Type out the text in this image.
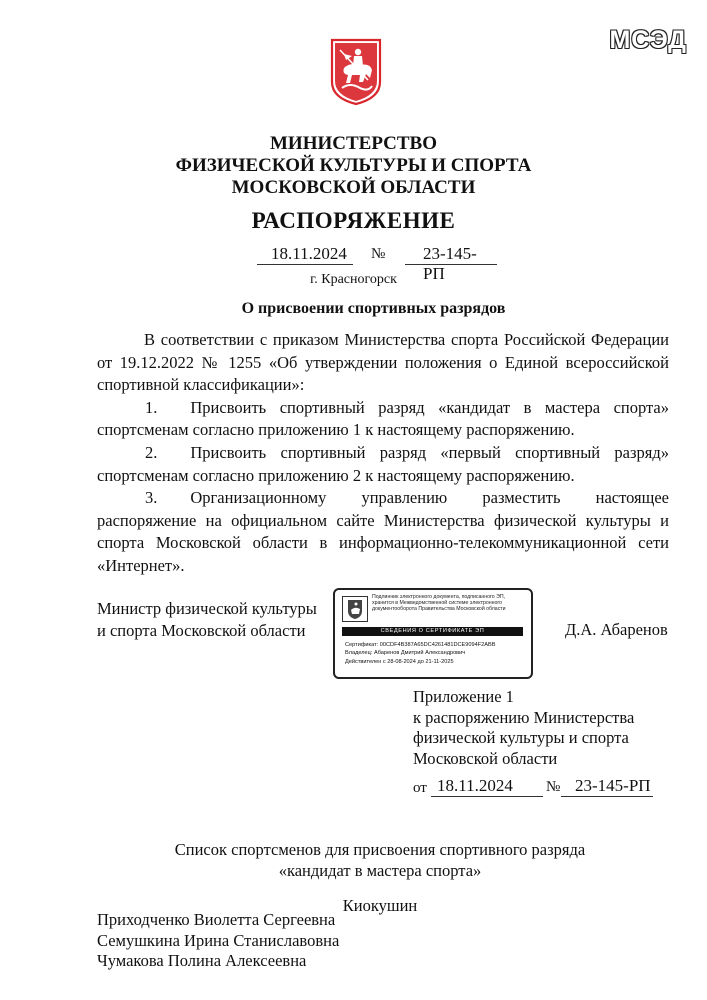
МСЭД
МИНИСТЕРСТВО
ФИЗИЧЕСКОЙ КУЛЬТУРЫ И СПОРТА
МОСКОВСКОЙ ОБЛАСТИ
РАСПОРЯЖЕНИЕ
18.11.2024 № 23-145-РП
г. Красногорск
О присвоении спортивных разрядов

В соответствии с приказом Министерства спорта Российской Федерации от 19.12.2022 № 1255 «Об утверждении положения о Единой всероссийской спортивной классификации»:

1.  Присвоить спортивный разряд «кандидат в мастера спорта» спортсменам согласно приложению 1 к настоящему распоряжению.

2.  Присвоить спортивный разряд «первый спортивный разряд» спортсменам согласно приложению 2 к настоящему распоряжению.

3.  Организационному управлению разместить настоящее распоряжение на официальном сайте Министерства физической культуры и спорта Московской области в информационно-телекоммуникационной сети «Интернет».

Министр физической культуры
и спорта Московской области
Подлинник электронного документа, подписанного ЭП,
хранится в Межведомственной системе электронного
документооборота Правительства Московской области
СВЕДЕНИЯ О СЕРТИФИКАТЕ ЭП
Сертификат: 00CDF4B387A65DC4261481DCE9094F2ABB
Владелец: Абаренов Дмитрий Александрович
Действителен с 28-08-2024 до 21-11-2025
Д.А. Абаренов
Приложение 1
к распоряжению Министерства
физической культуры и спорта
Московской области
от 18.11.2024 № 23-145-РП
Список спортсменов для присвоения спортивного разряда
«кандидат в мастера спорта»
Киокушин
Приходченко Виолетта Сергеевна
Семушкина Ирина Станиславовна
Чумакова Полина Алексеевна
